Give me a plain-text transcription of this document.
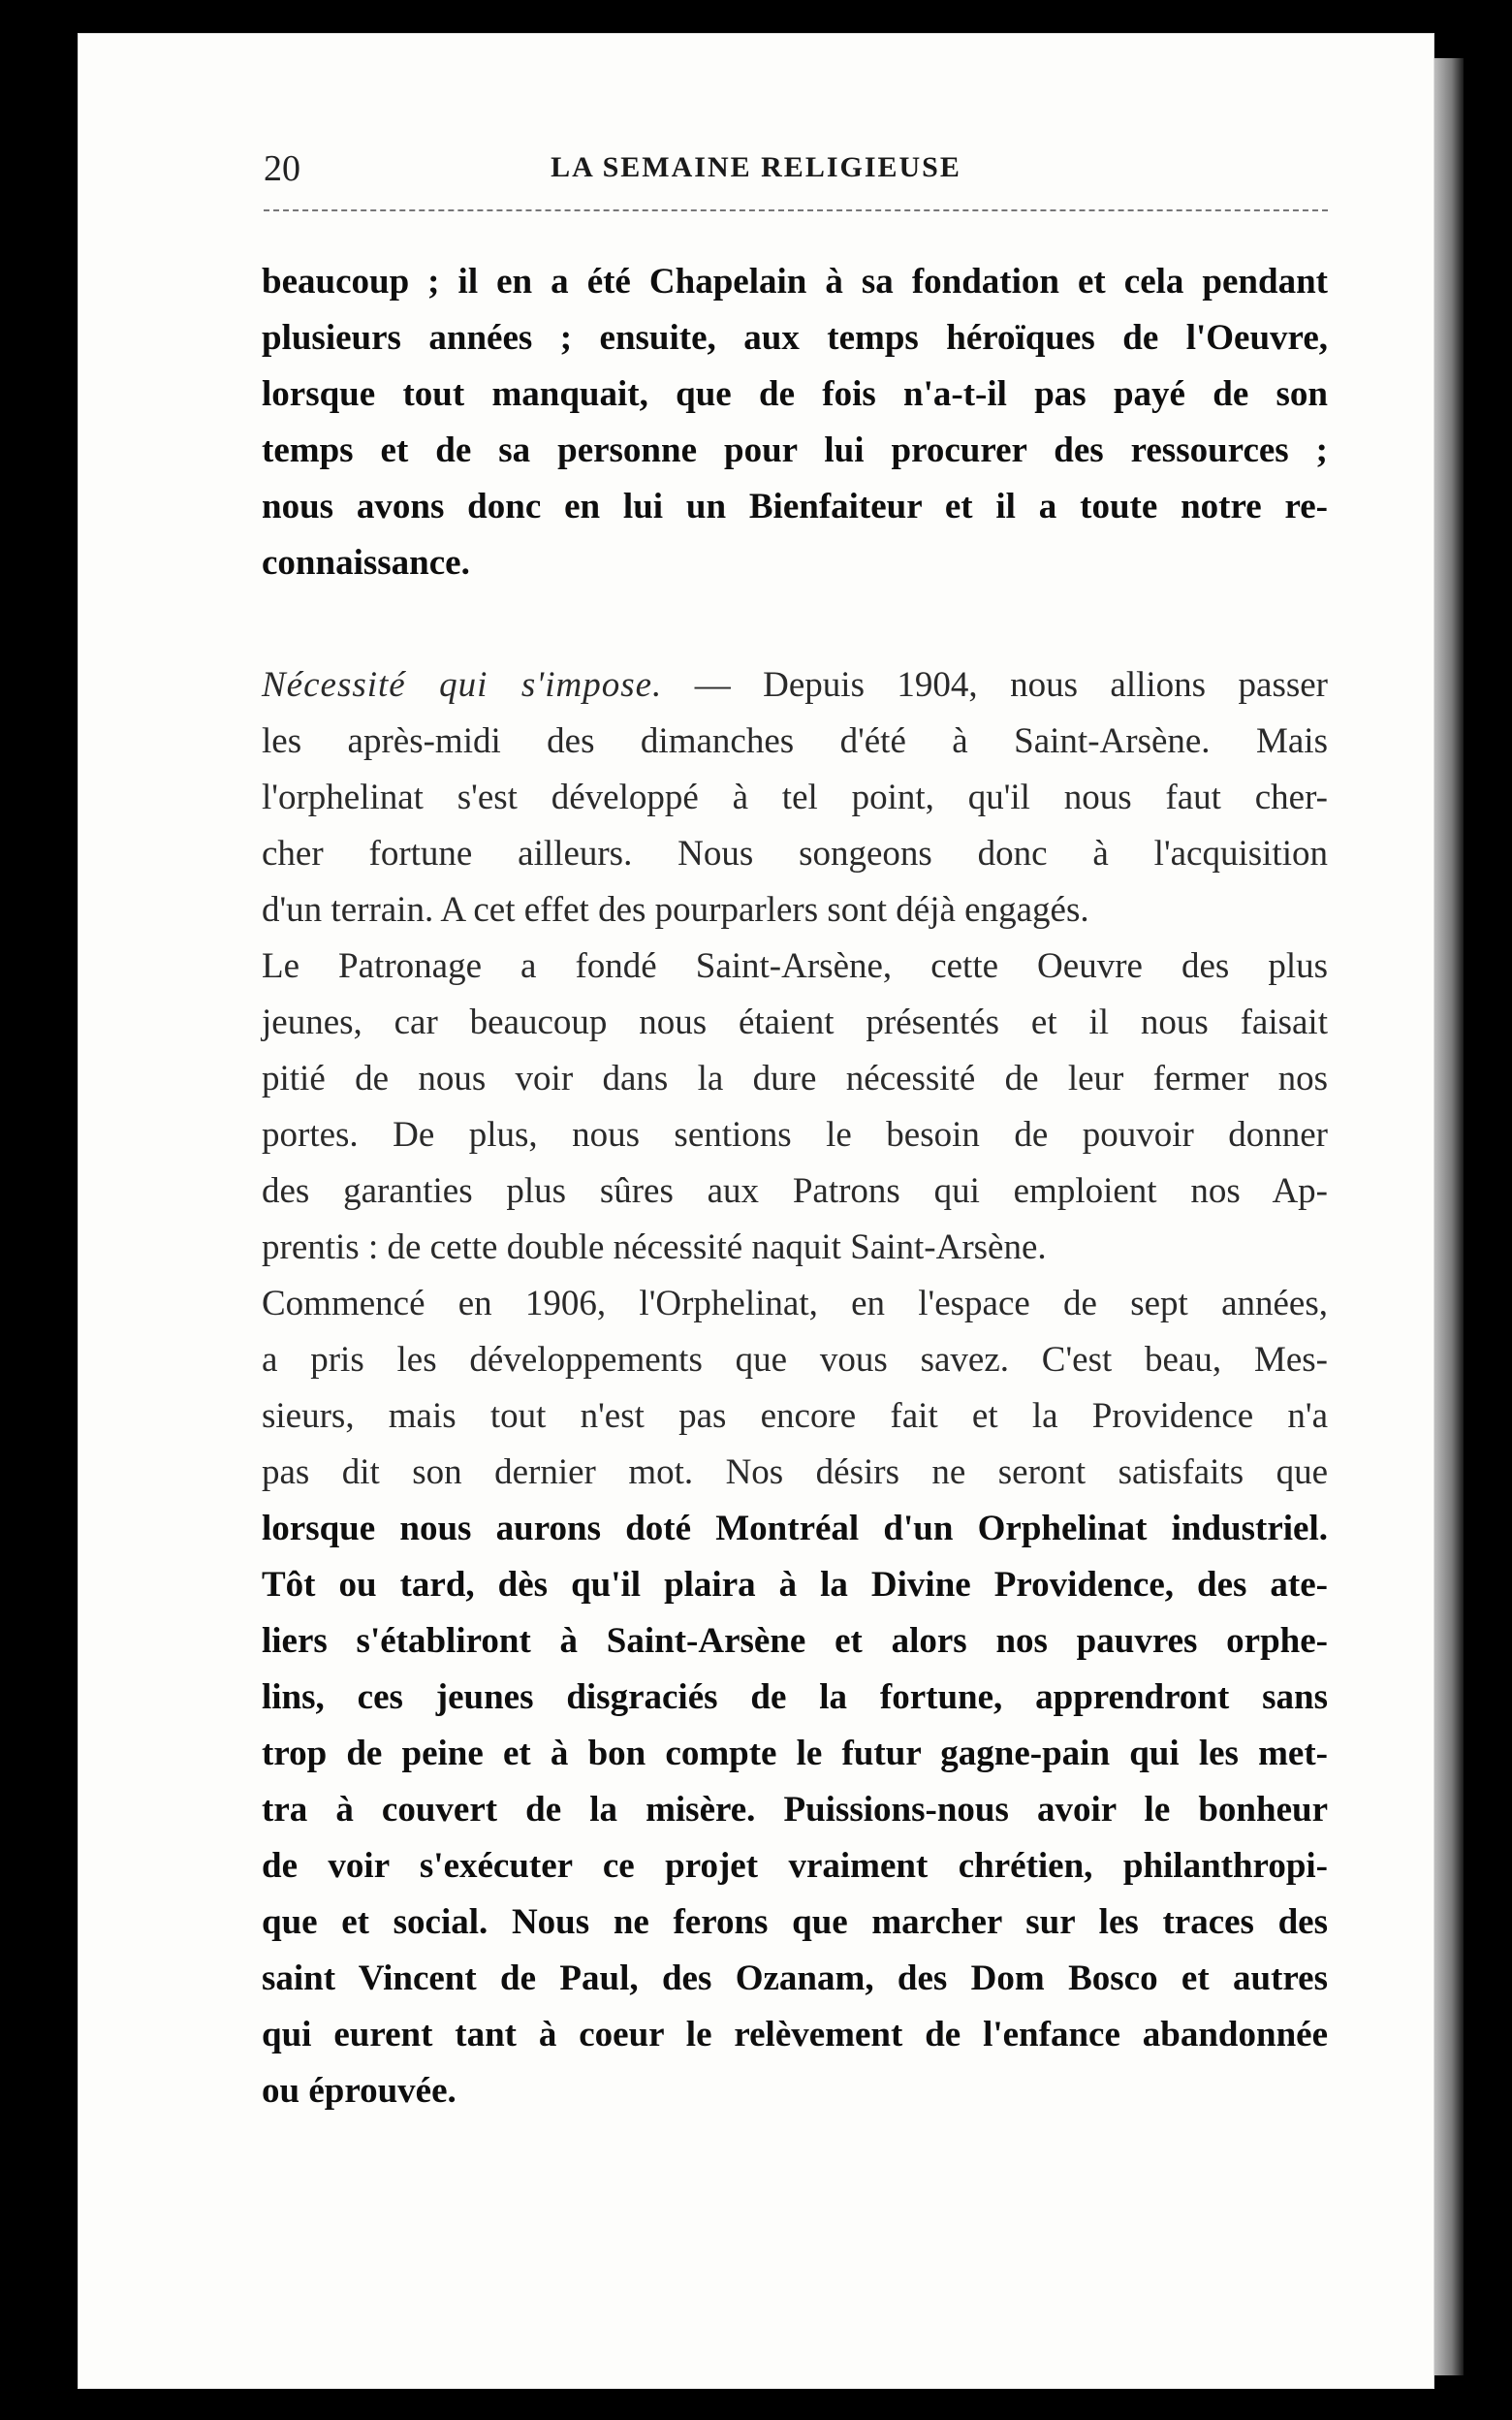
20	LA SEMAINE RELIGIEUSE
beaucoup ; il en a été Chapelain à sa fondation et cela pendant
plusieurs années ; ensuite, aux temps héroïques de l'Oeuvre,
lorsque tout manquait, que de fois n'a-t-il pas payé de son
temps et de sa personne pour lui procurer des ressources ;
nous avons donc en lui un Bienfaiteur et il a toute notre re-
connaissance.
Nécessité qui s'impose. — Depuis 1904, nous allions passer
les après-midi des dimanches d'été à Saint-Arsène. Mais
l'orphelinat s'est développé à tel point, qu'il nous faut cher-
cher fortune ailleurs. Nous songeons donc à l'acquisition
d'un terrain. A cet effet des pourparlers sont déjà engagés.
Le Patronage a fondé Saint-Arsène, cette Oeuvre des plus
jeunes, car beaucoup nous étaient présentés et il nous faisait
pitié de nous voir dans la dure nécessité de leur fermer nos
portes. De plus, nous sentions le besoin de pouvoir donner
des garanties plus sûres aux Patrons qui emploient nos Ap-
prentis : de cette double nécessité naquit Saint-Arsène.
Commencé en 1906, l'Orphelinat, en l'espace de sept années,
a pris les développements que vous savez. C'est beau, Mes-
sieurs, mais tout n'est pas encore fait et la Providence n'a
pas dit son dernier mot. Nos désirs ne seront satisfaits que
lorsque nous aurons doté Montréal d'un Orphelinat industriel.
Tôt ou tard, dès qu'il plaira à la Divine Providence, des ate-
liers s'établiront à Saint-Arsène et alors nos pauvres orphe-
lins, ces jeunes disgraciés de la fortune, apprendront sans
trop de peine et à bon compte le futur gagne-pain qui les met-
tra à couvert de la misère. Puissions-nous avoir le bonheur
de voir s'exécuter ce projet vraiment chrétien, philanthropi-
que et social. Nous ne ferons que marcher sur les traces des
saint Vincent de Paul, des Ozanam, des Dom Bosco et autres
qui eurent tant à coeur le relèvement de l'enfance abandonnée
ou éprouvée.
